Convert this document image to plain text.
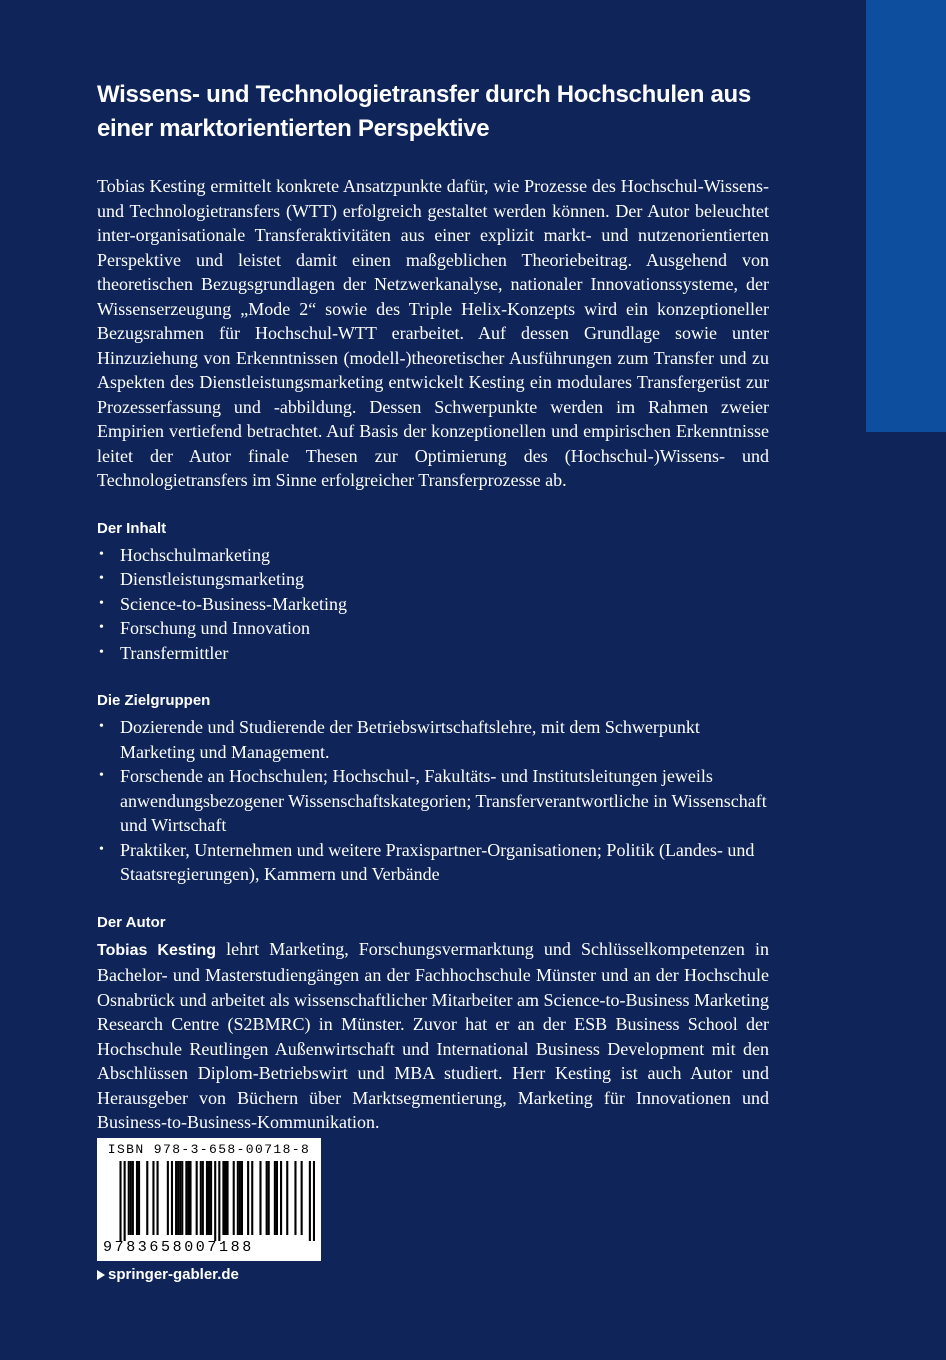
Wissens- und Technologietransfer durch Hochschulen aus einer marktorientierten Perspektive

Tobias Kesting ermittelt konkrete Ansatzpunkte dafür, wie Prozesse des Hochschul-Wissens- und Technologietransfers (WTT) erfolgreich gestaltet werden können. Der Autor beleuchtet inter-organisationale Transferaktivitäten aus einer explizit markt- und nutzenorientierten Perspektive und leistet damit einen maßgeblichen Theoriebeitrag. Ausgehend von theoretischen Bezugsgrundlagen der Netzwerkanalyse, nationaler Innovationssysteme, der Wissenserzeugung „Mode 2“ sowie des Triple Helix-Konzepts wird ein konzeptioneller Bezugsrahmen für Hochschul-WTT erarbeitet. Auf dessen Grundlage sowie unter Hinzuziehung von Erkenntnissen (modell-)theoretischer Ausführungen zum Transfer und zu Aspekten des Dienstleistungsmarketing entwickelt Kesting ein modulares Transfergerüst zur Prozesserfassung und -abbildung. Dessen Schwerpunkte werden im Rahmen zweier Empirien vertiefend betrachtet. Auf Basis der konzeptionellen und empirischen Erkenntnisse leitet der Autor finale Thesen zur Optimierung des (Hochschul-)Wissens- und Technologietransfers im Sinne erfolgreicher Transferprozesse ab.

Der Inhalt
• Hochschulmarketing
• Dienstleistungsmarketing
• Science-to-Business-Marketing
• Forschung und Innovation
• Transfermittler
Die Zielgruppen
• Dozierende und Studierende der Betriebswirtschaftslehre, mit dem Schwerpunkt Marketing und Management.
• Forschende an Hochschulen; Hochschul-, Fakultäts- und Institutsleitungen jeweils anwendungsbezogener Wissenschaftskategorien; Transferverantwortliche in Wissenschaft und Wirtschaft
• Praktiker, Unternehmen und weitere Praxispartner-Organisationen; Politik (Landes- und Staatsregierungen), Kammern und Verbände
Der Autor

Tobias Kesting lehrt Marketing, Forschungsvermarktung und Schlüsselkompetenzen in Bachelor- und Masterstudiengängen an der Fachhochschule Münster und an der Hochschule Osnabrück und arbeitet als wissenschaftlicher Mitarbeiter am Science-to-Business Marketing Research Centre (S2BMRC) in Münster. Zuvor hat er an der ESB Business School der Hochschule Reutlingen Außenwirtschaft und International Business Development mit den Abschlüssen Diplom-Betriebswirt und MBA studiert. Herr Kesting ist auch Autor und Herausgeber von Büchern über Marktsegmentierung, Marketing für Innovationen und Business-to-Business-Kommunikation.

ISBN 978-3-658-00718-8
9783658007188
springer-gabler.de
